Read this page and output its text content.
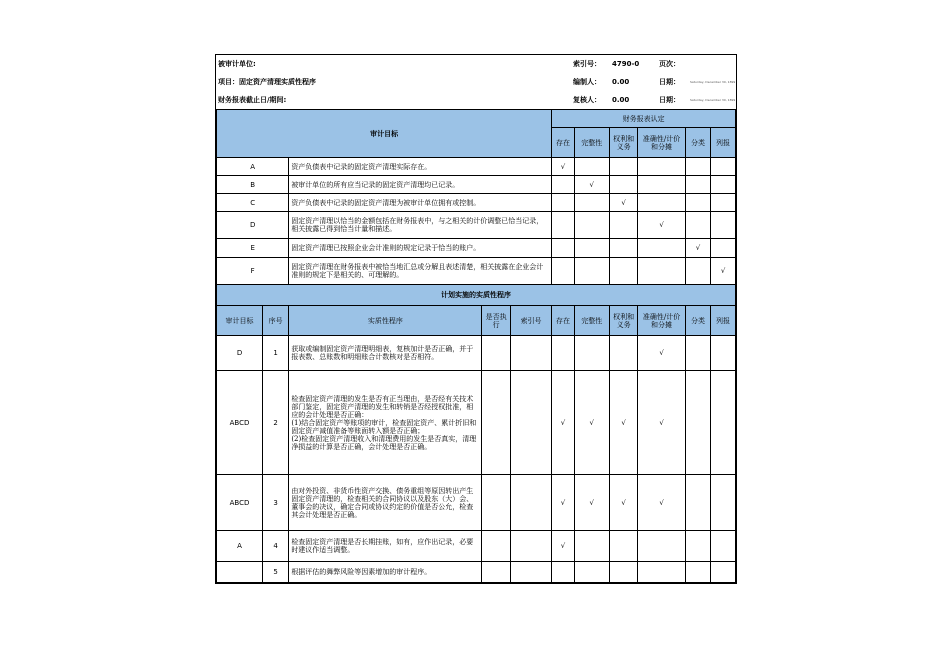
被审计单位:	索引号： 4790-0	页次：
项目：固定资产清理实质性程序	编制人： 0.00	日期：	Saturday, December 30, 1899
财务报表截止日/期间:	复核人： 0.00	日期：	Saturday, December 30, 1899
审计目标					财务报表认定					
					存在	完整性	权利和义务	准确性/计价和分摊	分类	列报
A		资产负债表中记录的固定资产清理实际存在。			√					
B		被审计单位的所有应当记录的固定资产清理均已记录。				√				
C		资产负债表中记录的固定资产清理为被审计单位拥有或控制。					√			
D		固定资产清理以恰当的金额包括在财务报表中，与之相关的计价调整已恰当记录，相关披露已得到恰当计量和描述。						√		
E		固定资产清理已按照企业会计准则的规定记录于恰当的账户。							√	
F		固定资产清理在财务报表中被恰当地汇总或分解且表述清楚，相关披露在企业会计准则的规定下是相关的、可理解的。								√
计划实施的实质性程序										
审计目标	序号	实质性程序	是否执行	索引号	存在	完整性	权利和义务	准确性/计价和分摊	分类	列报
D	1	获取或编制固定资产清理明细表，复核加计是否正确，并于报表数、总账数和明细账合计数核对是否相符。						√		
ABCD	2	检查固定资产清理的发生是否有正当理由，是否经有关技术部门鉴定，固定资产清理的发生和转销是否经授权批准，相应的会计处理是否正确：
(1)结合固定资产等账项的审计，检查固定资产、累计折旧和固定资产减值准备等账面转入额是否正确；
(2)检查固定资产清理收入和清理费用的发生是否真实，清理净损益的计算是否正确，会计处理是否正确。			√	√	√	√		
ABCD	3	由对外投资、非货币性资产交换、债务重组等原因转出产生固定资产清理的，检查相关的合同协议以及股东（大）会、董事会的决议，确定合同或协议约定的价值是否公允，检查其会计处理是否正确。			√	√	√	√		
A	4	检查固定资产清理是否长期挂账，如有，应作出记录，必要时建议作适当调整。			√					
	5	根据评估的舞弊风险等因素增加的审计程序。								
